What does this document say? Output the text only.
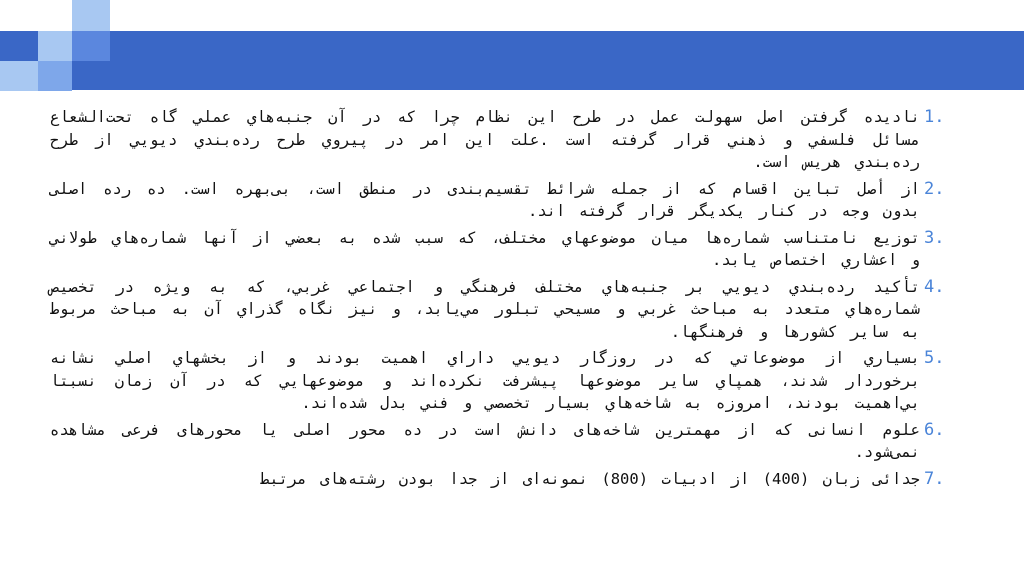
1.
ناديده گرفتن اصل سهولت عمل در طرح اين نظام چرا كه در آن جنبه‌هاي عملي گاه تحت‌الشعاع مسائل فلسفي و ذهني قرار گرفته است .علت اين امر در پيروي طرح رده‌بندي ديويي از طرح رده‌بندي هريس است.
2.
از أصل تباين اقسام که از جمله شرائط تقسیم‌بندی در منطق است، بی‌بهره است. ده رده اصلی بدون وجه در کنار یکدیگر قرار گرفته اند.
3.
توزيع نامتناسب شماره‌ها ميان موضوعهاي مختلف، كه سبب شده به بعضي از آنها شماره‌هاي طولاني و اعشاري اختصاص يابد.
4.
تأكيد رده‌بندي ديويي بر جنبه‌هاي مختلف فرهنگي و اجتماعي غربي، كه به ويژه در تخصيص شماره‌هاي متعدد به مباحث غربي و مسيحي تبلور مي‌يابد، و نيز نگاه گذراي آن به مباحث مربوط به ساير كشورها و فرهنگها.
5.
بسياري از موضوعاتي كه در روزگار ديويي داراي اهميت بودند و از بخشهاي اصلي نشانه برخوردار شدند، همپاي ساير موضوعها پيشرفت نكرده‌اند و موضوعهايي كه در آن زمان نسبتا بي‌اهميت بودند، امروزه به شاخه‌هاي بسيار تخصصي و فني بدل شده‌اند.
6.
علوم انسانی که از مهمترین شاخه‌های دانش است در ده محور اصلی یا محورهای فرعی مشاهده نمی‌شود.
7.
جدائی زبان (400) از ادبیات (800) نمونه‌ای از جدا بودن رشته‌های مرتبط
